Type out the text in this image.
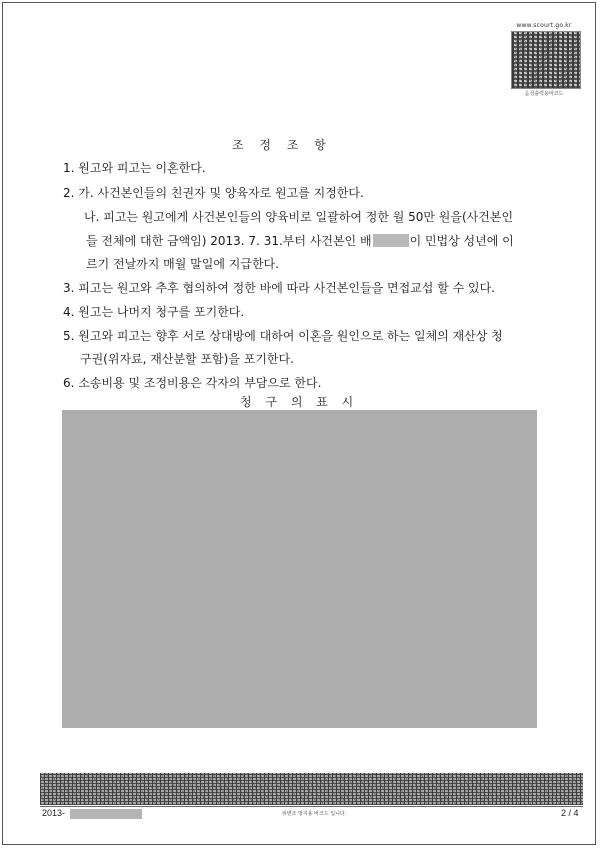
www.scourt.go.kr
음성출력용바코드
조 정 조 항
1. 원고와 피고는 이혼한다.
2. 가. 사건본인들의 친권자 및 양육자로 원고를 지정한다.
나. 피고는 원고에게 사건본인들의 양육비로 일괄하여 정한 월 50만 원을(사건본인
들 전체에 대한 금액임) 2013. 7. 31.부터 사건본인 배	이 민법상 성년에 이
르기 전날까지 매월 말일에 지급한다.
3. 피고는 원고와 추후 협의하여 정한 바에 따라 사건본인들을 면접교섭 할 수 있다.
4. 원고는 나머지 청구를 포기한다.
5. 원고와 피고는 향후 서로 상대방에 대하여 이혼을 원인으로 하는 일체의 재산상 청
구권(위자료, 재산분할 포함)을 포기한다.
6. 소송비용 및 조정비용은 각자의 부담으로 한다.
청 구 의 표 시
2013-	위변조 방지용 바코드 입니다.	2 / 4
